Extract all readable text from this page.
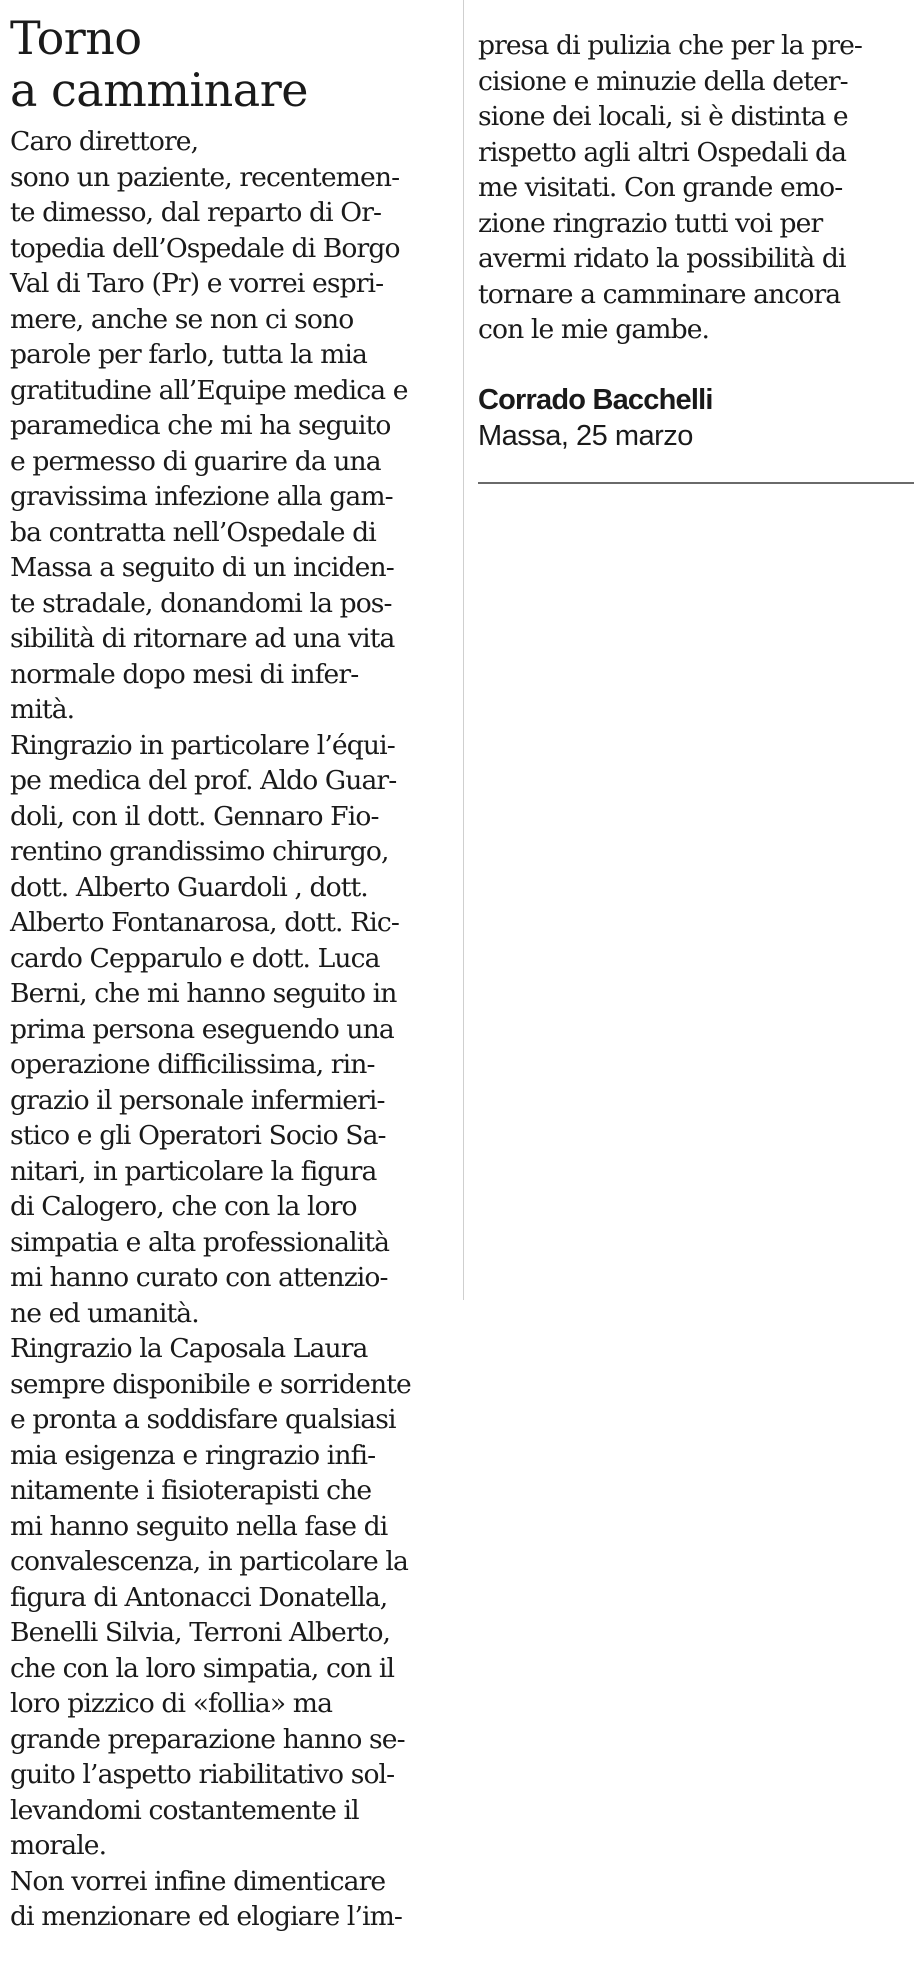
Torno
a camminare
Caro direttore,
sono un paziente, recentemen-
te dimesso, dal reparto di Or-
topedia dell’Ospedale di Borgo
Val di Taro (Pr) e vorrei espri-
mere, anche se non ci sono
parole per farlo, tutta la mia
gratitudine all’Equipe medica e
paramedica che mi ha seguito
e permesso di guarire da una
gravissima infezione alla gam-
ba contratta nell’Ospedale di
Massa a seguito di un inciden-
te stradale, donandomi la pos-
sibilità di ritornare ad una vita
normale dopo mesi di infer-
mità.
Ringrazio in particolare l’équi-
pe medica del prof. Aldo Guar-
doli, con il dott. Gennaro Fio-
rentino grandissimo chirurgo,
dott. Alberto Guardoli , dott.
Alberto Fontanarosa, dott. Ric-
cardo Cepparulo e dott. Luca
Berni, che mi hanno seguito in
prima persona eseguendo una
operazione difficilissima, rin-
grazio il personale infermieri-
stico e gli Operatori Socio Sa-
nitari, in particolare la figura
di Calogero, che con la loro
simpatia e alta professionalità
mi hanno curato con attenzio-
ne ed umanità.
Ringrazio la Caposala Laura
sempre disponibile e sorridente
e pronta a soddisfare qualsiasi
mia esigenza e ringrazio infi-
nitamente i fisioterapisti che
mi hanno seguito nella fase di
convalescenza, in particolare la
figura di Antonacci Donatella,
Benelli Silvia, Terroni Alberto,
che con la loro simpatia, con il
loro pizzico di «follia» ma
grande preparazione hanno se-
guito l’aspetto riabilitativo sol-
levandomi costantemente il
morale.
Non vorrei infine dimenticare
di menzionare ed elogiare l’im-
presa di pulizia che per la pre-
cisione e minuzie della deter-
sione dei locali, si è distinta e
rispetto agli altri Ospedali da
me visitati. Con grande emo-
zione ringrazio tutti voi per
avermi ridato la possibilità di
tornare a camminare ancora
con le mie gambe.
Corrado Bacchelli
Massa, 25 marzo
